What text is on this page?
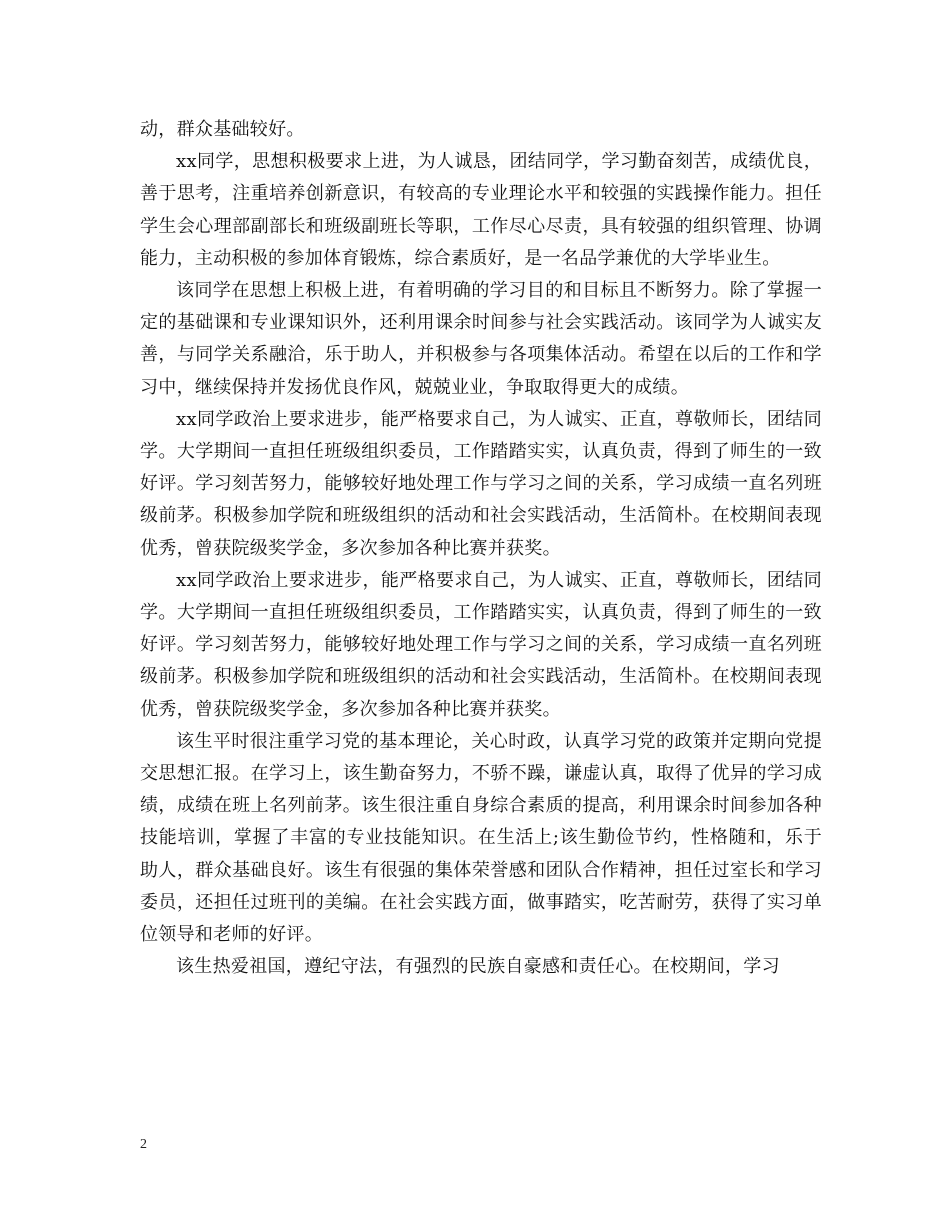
动，群众基础较好。

xx同学，思想积极要求上进，为人诚恳，团结同学，学习勤奋刻苦，成绩优良，善于思考，注重培养创新意识，有较高的专业理论水平和较强的实践操作能力。担任学生会心理部副部长和班级副班长等职，工作尽心尽责，具有较强的组织管理、协调能力，主动积极的参加体育锻炼，综合素质好，是一名品学兼优的大学毕业生。

该同学在思想上积极上进，有着明确的学习目的和目标且不断努力。除了掌握一定的基础课和专业课知识外，还利用课余时间参与社会实践活动。该同学为人诚实友善，与同学关系融洽，乐于助人，并积极参与各项集体活动。希望在以后的工作和学习中，继续保持并发扬优良作风，兢兢业业，争取取得更大的成绩。

xx同学政治上要求进步，能严格要求自己，为人诚实、正直，尊敬师长，团结同学。大学期间一直担任班级组织委员，工作踏踏实实，认真负责，得到了师生的一致好评。学习刻苦努力，能够较好地处理工作与学习之间的关系，学习成绩一直名列班级前茅。积极参加学院和班级组织的活动和社会实践活动，生活简朴。在校期间表现优秀，曾获院级奖学金，多次参加各种比赛并获奖。

xx同学政治上要求进步，能严格要求自己，为人诚实、正直，尊敬师长，团结同学。大学期间一直担任班级组织委员，工作踏踏实实，认真负责，得到了师生的一致好评。学习刻苦努力，能够较好地处理工作与学习之间的关系，学习成绩一直名列班级前茅。积极参加学院和班级组织的活动和社会实践活动，生活简朴。在校期间表现优秀，曾获院级奖学金，多次参加各种比赛并获奖。

该生平时很注重学习党的基本理论，关心时政，认真学习党的政策并定期向党提交思想汇报。在学习上，该生勤奋努力，不骄不躁，谦虚认真，取得了优异的学习成绩，成绩在班上名列前茅。该生很注重自身综合素质的提高，利用课余时间参加各种技能培训，掌握了丰富的专业技能知识。在生活上;该生勤俭节约，性格随和，乐于助人，群众基础良好。该生有很强的集体荣誉感和团队合作精神，担任过室长和学习委员，还担任过班刊的美编。在社会实践方面，做事踏实，吃苦耐劳，获得了实习单位领导和老师的好评。

该生热爱祖国，遵纪守法，有强烈的民族自豪感和责任心。在校期间，学习

2
